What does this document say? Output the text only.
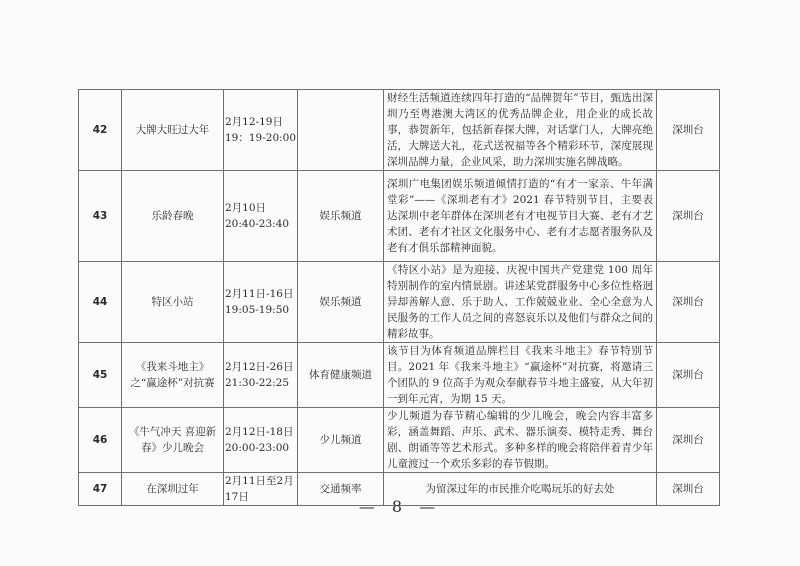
42	大牌大旺过大年	2月12-19日19：19-20:00		财经生活频道连续四年打造的“品牌贺年”节目，甄选出深圳乃至粤港澳大湾区的优秀品牌企业，用企业的成长故事，恭贺新年，包括新春探大牌，对话掌门人，大牌亮绝活，大牌送大礼，花式送祝福等各个精彩环节，深度展现深圳品牌力量，企业风采，助力深圳实施名牌战略。	深圳台
43	乐龄春晚	2月10日 20:40-23:40	娱乐频道	深圳广电集团娱乐频道倾情打造的“有才一家亲、牛年满堂彩”——《深圳老有才》2021 春节特别节目，主要表达深圳中老年群体在深圳老有才电视节目大赛、老有才艺术团、老有才社区文化服务中心、老有才志愿者服务队及老有才俱乐部精神面貌。	深圳台
44	特区小站	2月11日-16日 19:05-19:50	娱乐频道	《特区小站》是为迎接、庆祝中国共产党建党 100 周年特别制作的室内情景剧。讲述某党群服务中心多位性格迥异却善解人意、乐于助人、工作兢兢业业、全心全意为人民服务的工作人员之间的喜怒哀乐以及他们与群众之间的精彩故事。	深圳台
45	《我来斗地主》之“赢途杯”对抗赛	2月12日-26日 21:30-22:25	体育健康频道	该节目为体育频道品牌栏目《我来斗地主》春节特别节目。2021 年《我来斗地主》“赢途杯”对抗赛，将邀请三个团队的 9 位高手为观众奉献春节斗地主盛宴，从大年初一到年元宵，为期 15 天。	深圳台
46	《牛气冲天 喜迎新春》少儿晚会	2月12日-18日 20:00-23:00	少儿频道	少儿频道为春节精心编辑的少儿晚会，晚会内容丰富多彩，涵盖舞蹈、声乐、武术、器乐演奏、模特走秀、舞台剧、朗诵等等艺术形式。多种多样的晚会将陪伴着青少年儿童渡过一个欢乐多彩的春节假期。	深圳台
47	在深圳过年	2月11日至2月17日	交通频率	为留深过年的市民推介吃喝玩乐的好去处	深圳台
— 8 —
